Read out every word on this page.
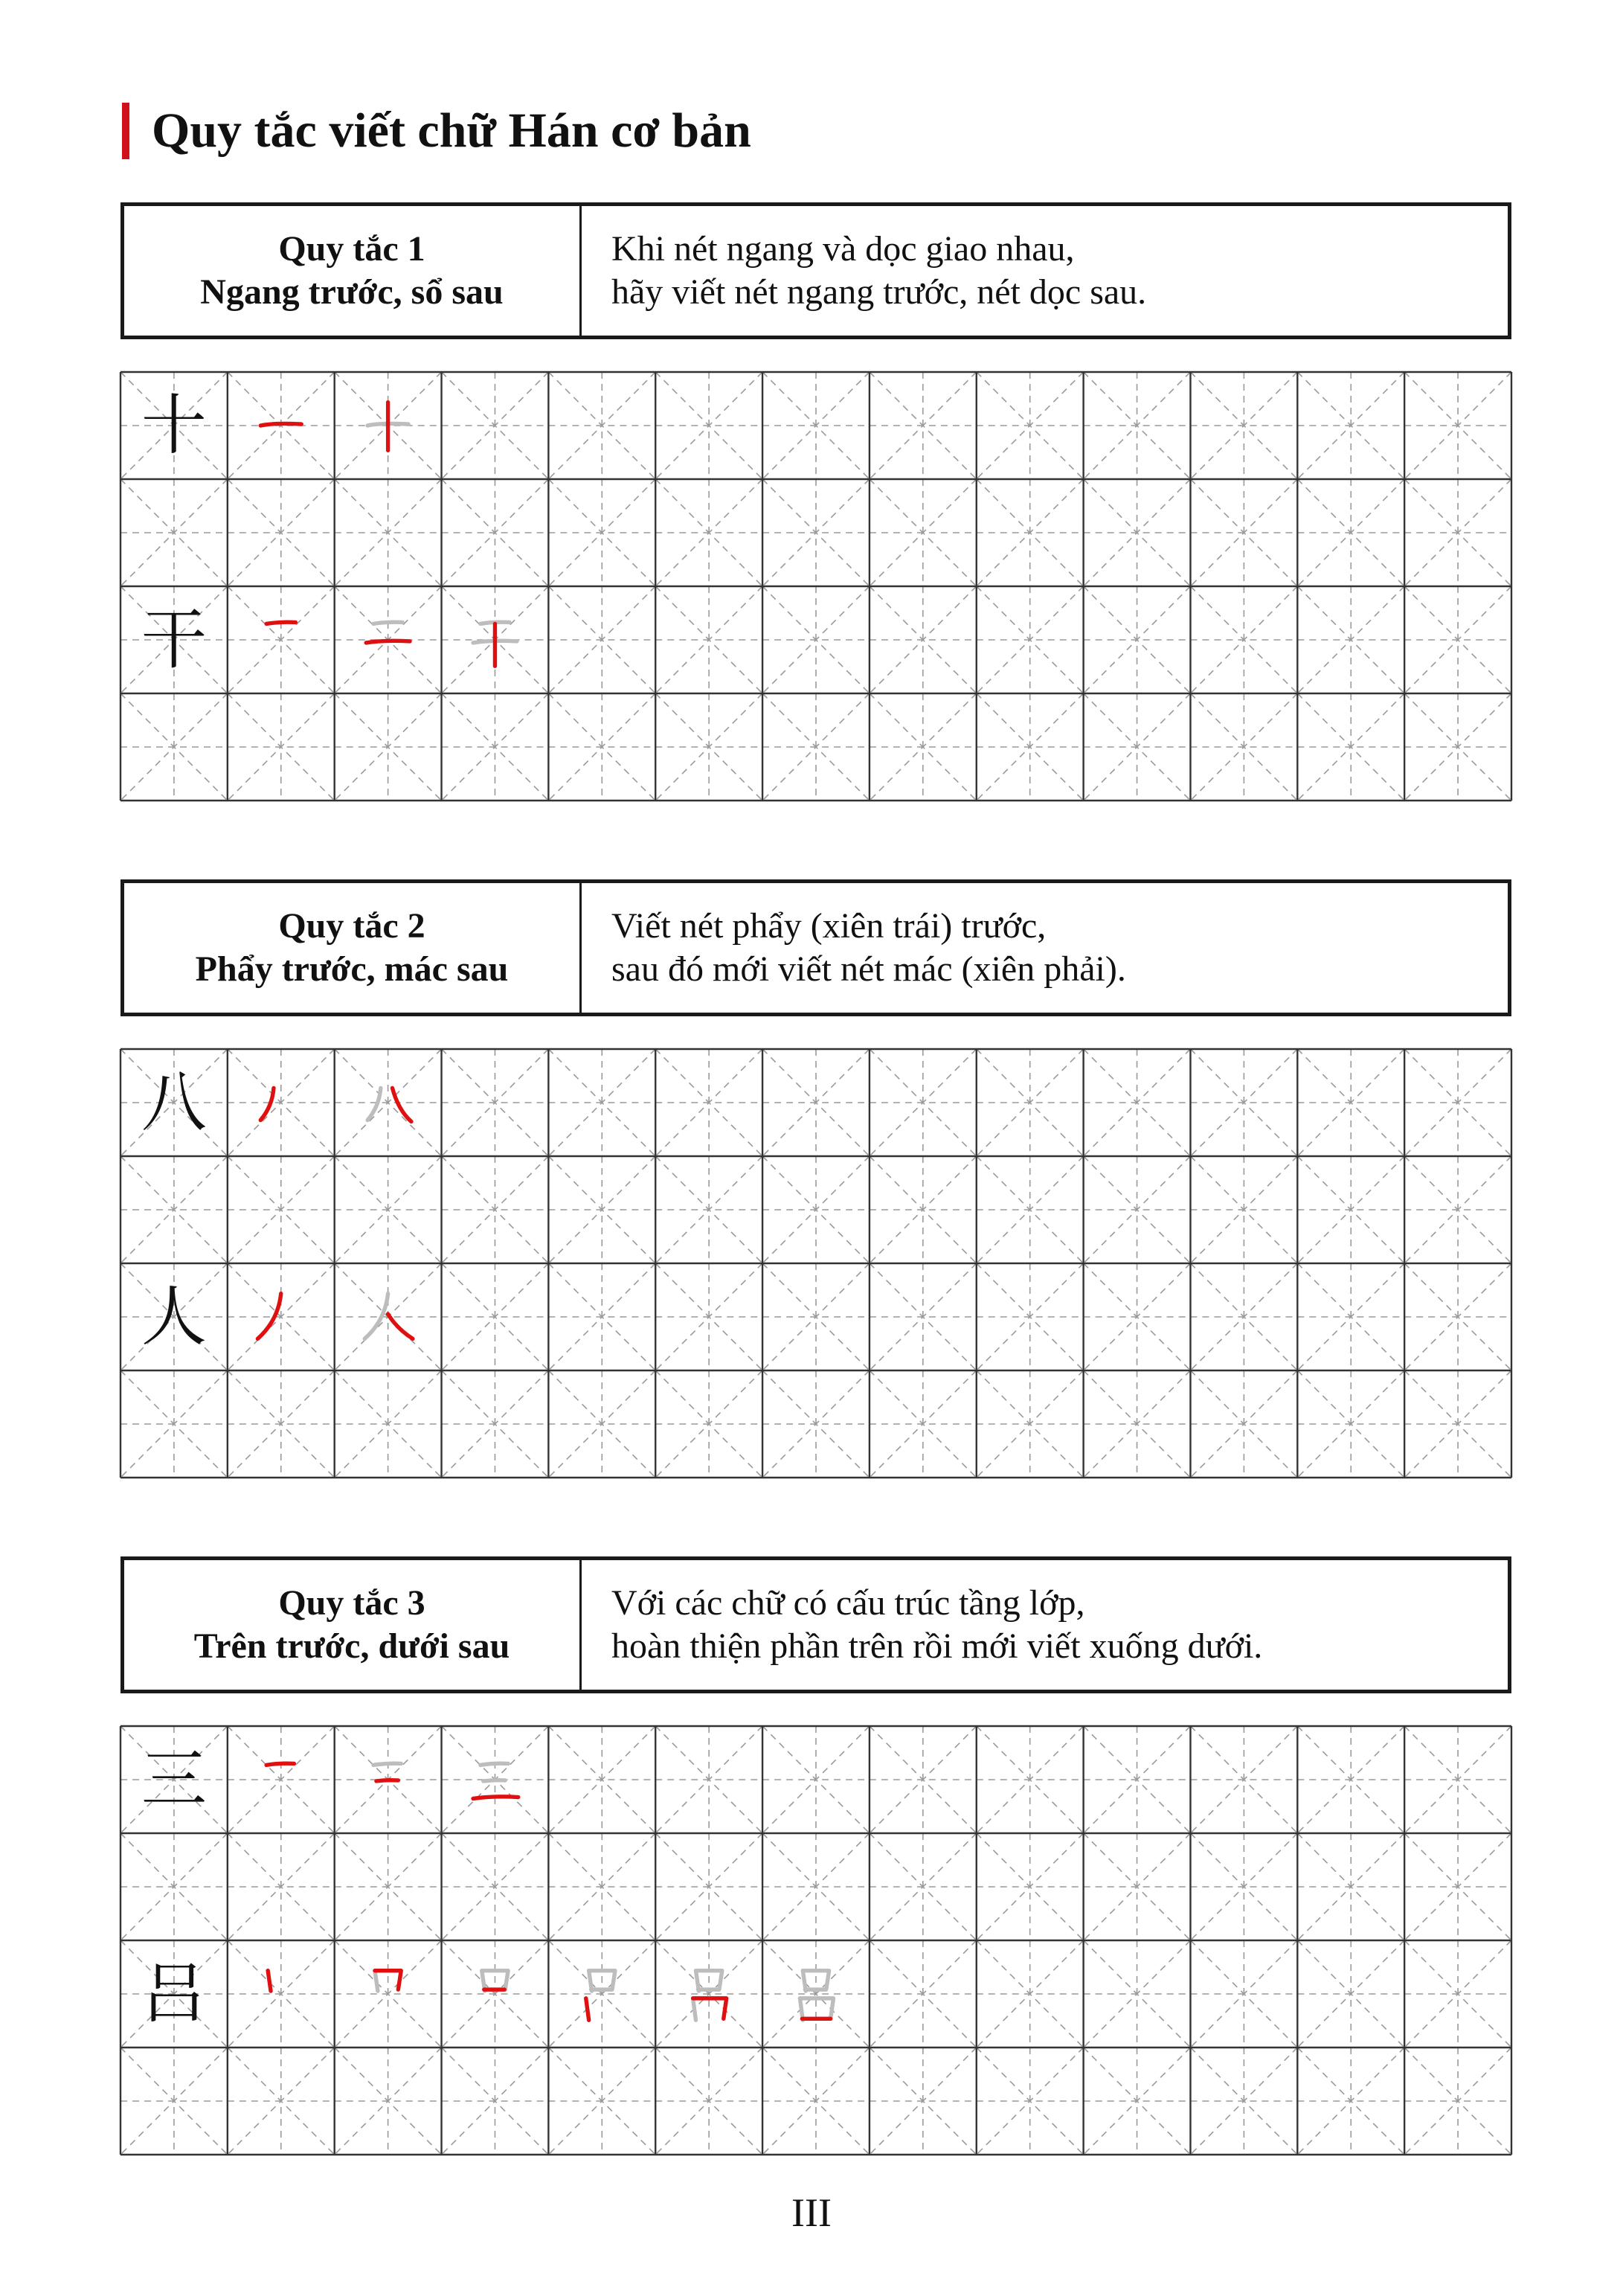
Quy tắc viết chữ Hán cơ bản
Quy tắc 1
Ngang trước, sổ sau
Khi nét ngang và dọc giao nhau,
hãy viết nét ngang trước, nét dọc sau.
十
干
Quy tắc 2
Phẩy trước, mác sau
Viết nét phẩy (xiên trái) trước,
sau đó mới viết nét mác (xiên phải).
八
人
Quy tắc 3
Trên trước, dưới sau
Với các chữ có cấu trúc tầng lớp,
hoàn thiện phần trên rồi mới viết xuống dưới.
三
吕
III
